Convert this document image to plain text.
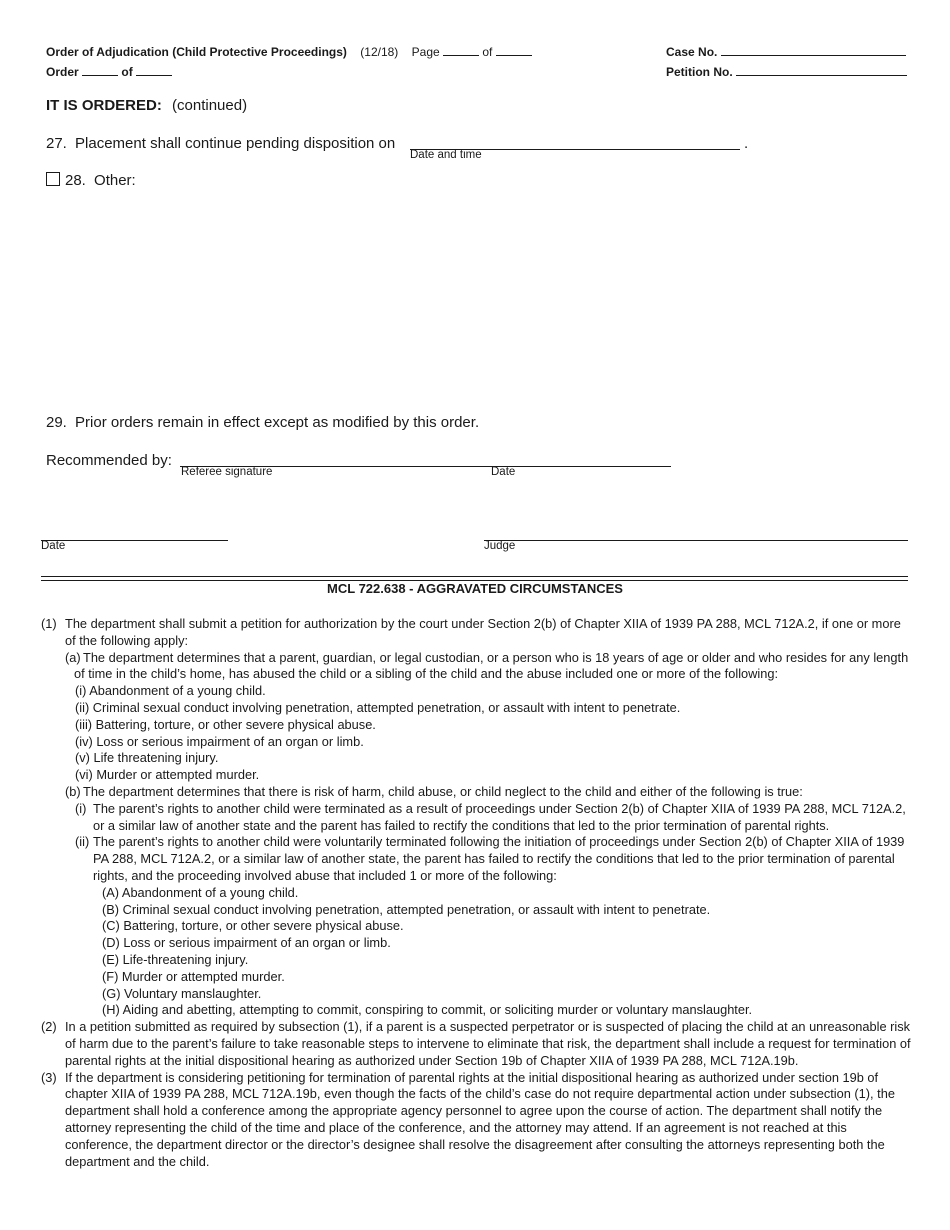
Order of Adjudication (Child Protective Proceedings) (12/18) Page	of
Order	of
Case No.
Petition No.
IT IS ORDERED: (continued)
27. Placement shall continue pending disposition on	.
Date and time
28. Other:
29. Prior orders remain in effect except as modified by this order.
Recommended by:
Referee signature	Date
Date	Judge
MCL 722.638 - AGGRAVATED CIRCUMSTANCES
(1) The department shall submit a petition for authorization by the court under Section 2(b) of Chapter XIIA of 1939 PA 288, MCL 712A.2, if one or more of the following apply:

(a) The department determines that a parent, guardian, or legal custodian, or a person who is 18 years of age or older and who resides for any length of time in the child’s home, has abused the child or a sibling of the child and the abuse included one or more of the following:

(i) Abandonment of a young child.

(ii) Criminal sexual conduct involving penetration, attempted penetration, or assault with intent to penetrate.

(iii) Battering, torture, or other severe physical abuse.

(iv) Loss or serious impairment of an organ or limb.

(v) Life threatening injury.

(vi) Murder or attempted murder.

(b) The department determines that there is risk of harm, child abuse, or child neglect to the child and either of the following is true:

(i) The parent’s rights to another child were terminated as a result of proceedings under Section 2(b) of Chapter XIIA of 1939 PA 288, MCL 712A.2, or a similar law of another state and the parent has failed to rectify the conditions that led to the prior termination of parental rights.

(ii) The parent’s rights to another child were voluntarily terminated following the initiation of proceedings under Section 2(b) of Chapter XIIA of 1939 PA 288, MCL 712A.2, or a similar law of another state, the parent has failed to rectify the conditions that led to the prior termination of parental rights, and the proceeding involved abuse that included 1 or more of the following:

(A) Abandonment of a young child.

(B) Criminal sexual conduct involving penetration, attempted penetration, or assault with intent to penetrate.

(C) Battering, torture, or other severe physical abuse.

(D) Loss or serious impairment of an organ or limb.

(E) Life-threatening injury.

(F) Murder or attempted murder.

(G) Voluntary manslaughter.

(H) Aiding and abetting, attempting to commit, conspiring to commit, or soliciting murder or voluntary manslaughter.

(2) In a petition submitted as required by subsection (1), if a parent is a suspected perpetrator or is suspected of placing the child at an unreasonable risk of harm due to the parent’s failure to take reasonable steps to intervene to eliminate that risk, the department shall include a request for termination of parental rights at the initial dispositional hearing as authorized under Section 19b of Chapter XIIA of 1939 PA 288, MCL 712A.19b.

(3) If the department is considering petitioning for termination of parental rights at the initial dispositional hearing as authorized under section 19b of chapter XIIA of 1939 PA 288, MCL 712A.19b, even though the facts of the child’s case do not require departmental action under subsection (1), the department shall hold a conference among the appropriate agency personnel to agree upon the course of action. The department shall notify the attorney representing the child of the time and place of the conference, and the attorney may attend. If an agreement is not reached at this conference, the department director or the director’s designee shall resolve the disagreement after consulting the attorneys representing both the department and the child.
